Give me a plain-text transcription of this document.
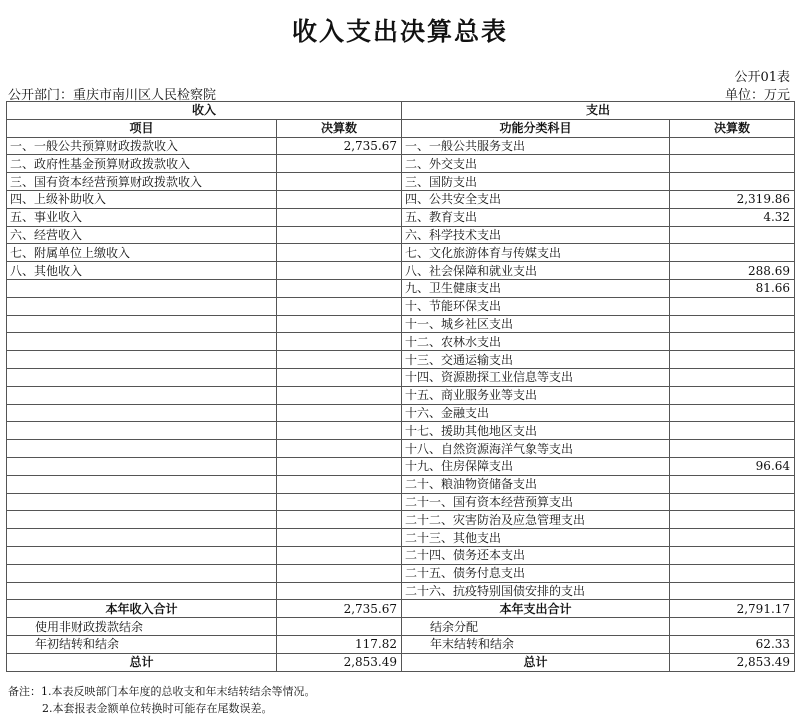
收入支出决算总表
公开01表
公开部门：重庆市南川区人民检察院	单位：万元
收入		支出	
项目	决算数	功能分类科目	决算数
一、一般公共预算财政拨款收入	2,735.67	一、一般公共服务支出	
二、政府性基金预算财政拨款收入		二、外交支出	
三、国有资本经营预算财政拨款收入		三、国防支出	
四、上级补助收入		四、公共安全支出	2,319.86
五、事业收入		五、教育支出	4.32
六、经营收入		六、科学技术支出	
七、附属单位上缴收入		七、文化旅游体育与传媒支出	
八、其他收入		八、社会保障和就业支出	288.69
		九、卫生健康支出	81.66
		十、节能环保支出	
		十一、城乡社区支出	
		十二、农林水支出	
		十三、交通运输支出	
		十四、资源勘探工业信息等支出	
		十五、商业服务业等支出	
		十六、金融支出	
		十七、援助其他地区支出	
		十八、自然资源海洋气象等支出	
		十九、住房保障支出	96.64
		二十、粮油物资储备支出	
		二十一、国有资本经营预算支出	
		二十二、灾害防治及应急管理支出	
		二十三、其他支出	
		二十四、债务还本支出	
		二十五、债务付息支出	
		二十六、抗疫特别国债安排的支出	
本年收入合计	2,735.67	本年支出合计	2,791.17
使用非财政拨款结余		结余分配	
年初结转和结余	117.82	年末结转和结余	62.33
总计	2,853.49	总计	2,853.49
备注：1.本表反映部门本年度的总收支和年末结转结余等情况。
2.本套报表金额单位转换时可能存在尾数误差。
